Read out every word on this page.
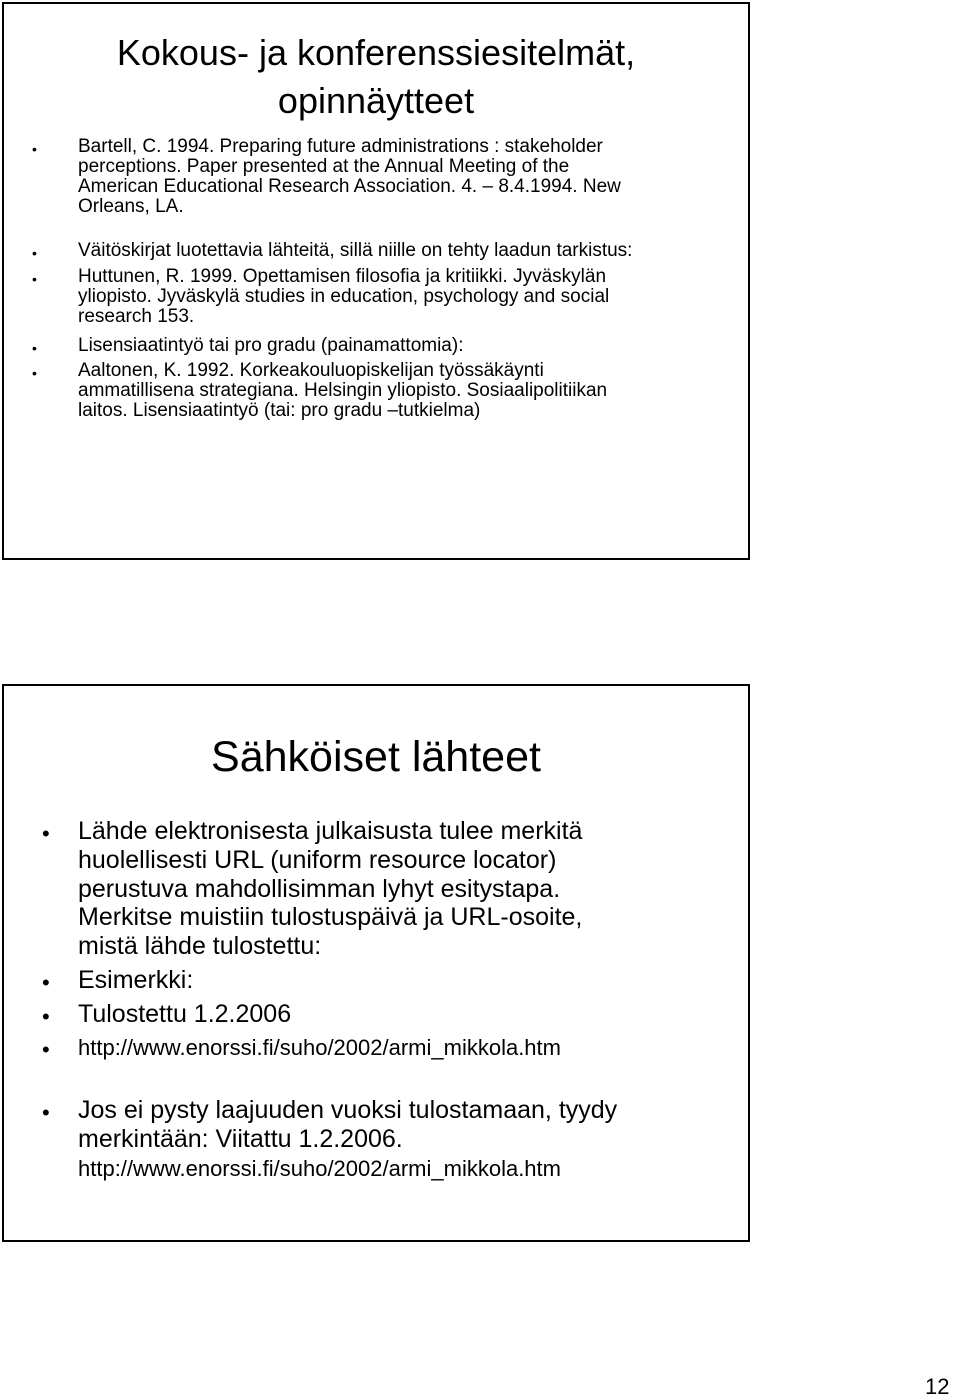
Kokous- ja konferenssiesitelmät,
opinnäytteet
• Bartell, C. 1994. Preparing future administrations : stakeholder
perceptions. Paper presented at the Annual Meeting of the
American Educational Research Association. 4. – 8.4.1994. New
Orleans, LA.
• Väitöskirjat luotettavia lähteitä, sillä niille on tehty laadun tarkistus:
• Huttunen, R. 1999. Opettamisen filosofia ja kritiikki. Jyväskylän
yliopisto. Jyväskylä studies in education, psychology and social
research 153.
• Lisensiaatintyö tai pro gradu (painamattomia):
• Aaltonen, K. 1992. Korkeakouluopiskelijan työssäkäynti
ammatillisena strategiana. Helsingin yliopisto. Sosiaalipolitiikan
laitos. Lisensiaatintyö (tai: pro gradu –tutkielma)
Sähköiset lähteet
• Lähde elektronisesta julkaisusta tulee merkitä
huolellisesti URL (uniform resource locator)
perustuva mahdollisimman lyhyt esitystapa.
Merkitse muistiin tulostuspäivä ja URL-osoite,
mistä lähde tulostettu:
• Esimerkki:
• Tulostettu 1.2.2006
• http://www.enorssi.fi/suho/2002/armi_mikkola.htm
• Jos ei pysty laajuuden vuoksi tulostamaan, tyydy
merkintään: Viitattu 1.2.2006.
http://www.enorssi.fi/suho/2002/armi_mikkola.htm
12
